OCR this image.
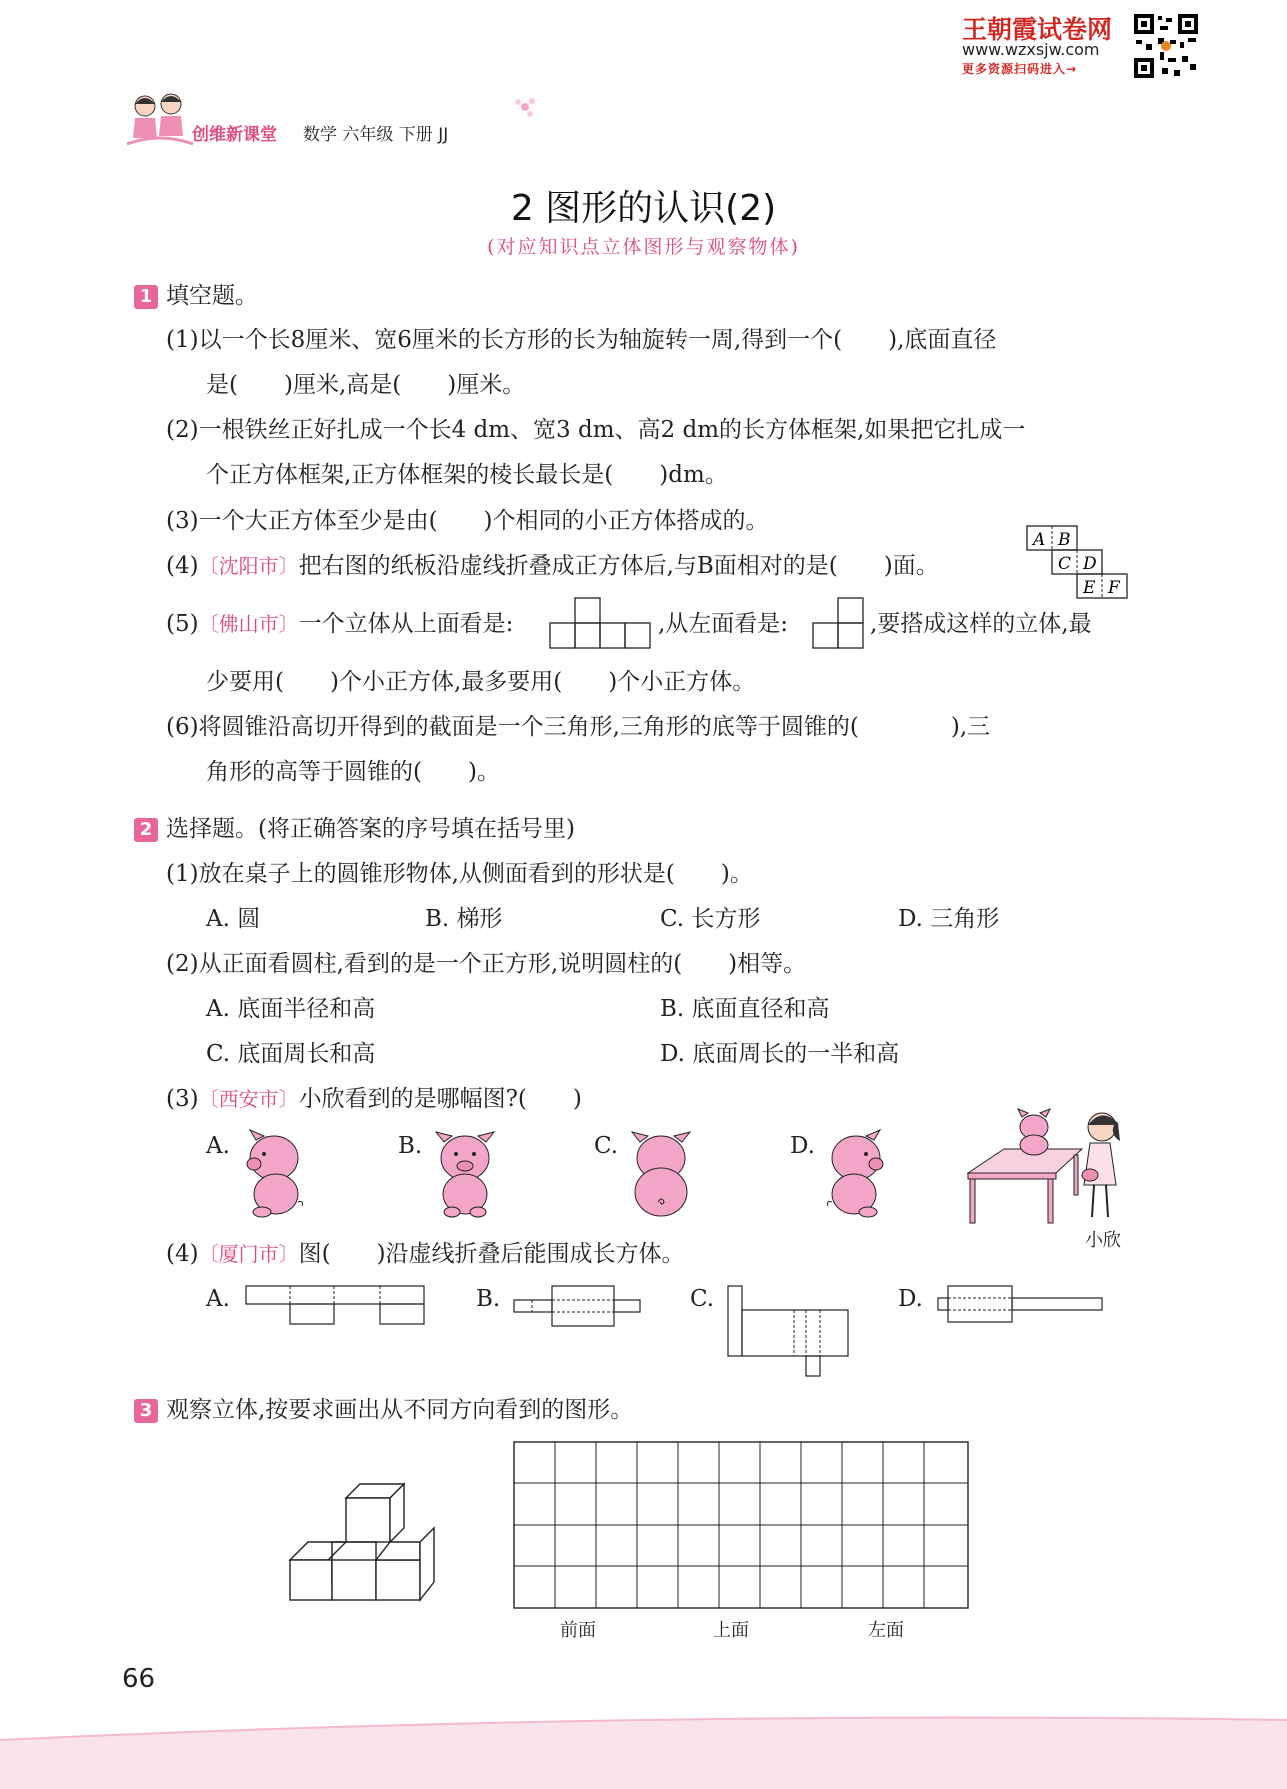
王朝霞试卷网
www.wzxsjw.com
更多资源扫码进入→
创维新课堂 数学 六年级 下册 JJ
2 图形的认识(2)
(对应知识点立体图形与观察物体)
1 填空题。
(1)以一个长8厘米、宽6厘米的长方形的长为轴旋转一周,得到一个(　　),底面直径
是(　　)厘米,高是(　　)厘米。
(2)一根铁丝正好扎成一个长4 dm、宽3 dm、高2 dm的长方体框架,如果把它扎成一
个正方体框架,正方体框架的棱长最长是(　　)dm。
(3)一个大正方体至少是由(　　)个相同的小正方体搭成的。
(4)〔沈阳市〕把右图的纸板沿虚线折叠成正方体后,与B面相对的是(　　)面。
A B
C D
E F
(5)〔佛山市〕一个立体从上面看是:	,从左面看是:	,要搭成这样的立体,最
少要用(　　)个小正方体,最多要用(　　)个小正方体。
(6)将圆锥沿高切开得到的截面是一个三角形,三角形的底等于圆锥的(　　　　),三
角形的高等于圆锥的(　　)。
2 选择题。(将正确答案的序号填在括号里)
(1)放在桌子上的圆锥形物体,从侧面看到的形状是(　　)。
A. 圆	B. 梯形	C. 长方形	D. 三角形
(2)从正面看圆柱,看到的是一个正方形,说明圆柱的(　　)相等。
A. 底面半径和高	B. 底面直径和高
C. 底面周长和高	D. 底面周长的一半和高
(3)〔西安市〕小欣看到的是哪幅图?(　　)
A.	B.	C.	D.
小欣
(4)〔厦门市〕图(　　)沿虚线折叠后能围成长方体。
A.	B.	C.	D.
3 观察立体,按要求画出从不同方向看到的图形。
前面	上面	左面
66
